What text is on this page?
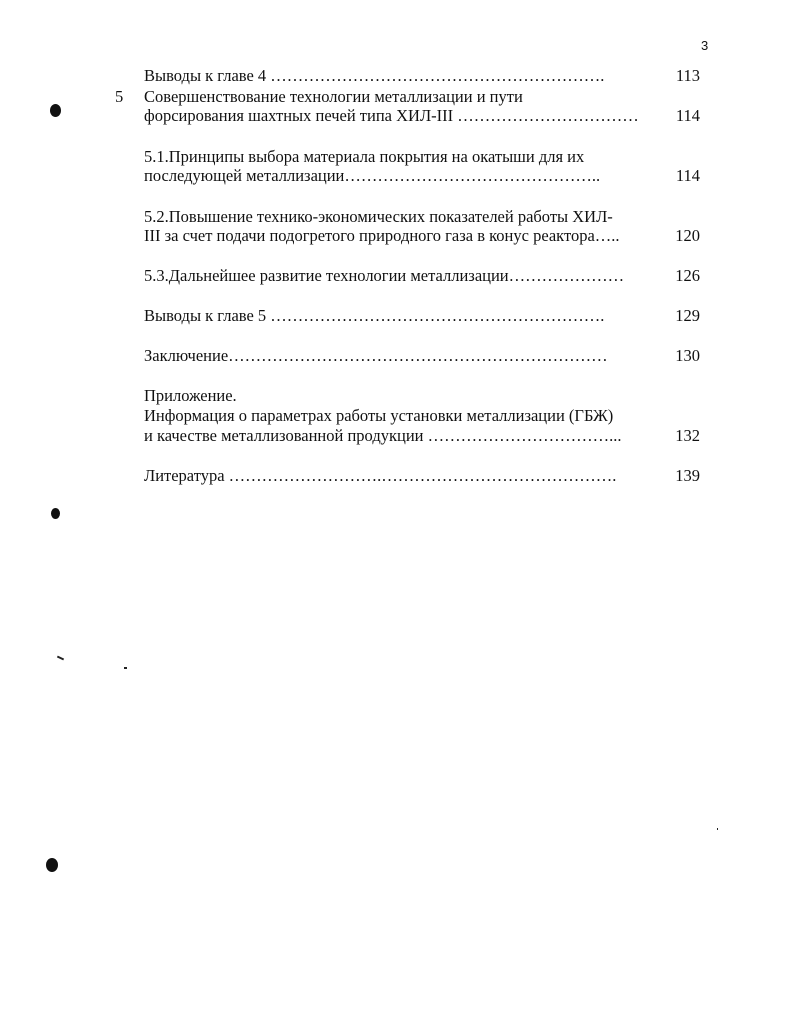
3
Выводы к главе 4 …………………………………………………….	113
5 Совершенствование технологии металлизации и пути
форсирования шахтных печей типа ХИЛ-III ……………………………	114
5.1.Принципы выбора материала покрытия на окатыши для их
последующей металлизации………………………………………..	114
5.2.Повышение технико-экономических показателей работы ХИЛ-
III за счет подачи подогретого природного газа в конус реактора…..	120
5.3.Дальнейшее развитие технологии металлизации…………………	126
Выводы к главе 5 …………………………………………………….	129
Заключение……………………………………………………………	130
Приложение.
Информация о параметрах работы установки металлизации (ГБЖ)
и качестве металлизованной продукции ……………………………...	132
Литература ……………………….…………………………………….	139
